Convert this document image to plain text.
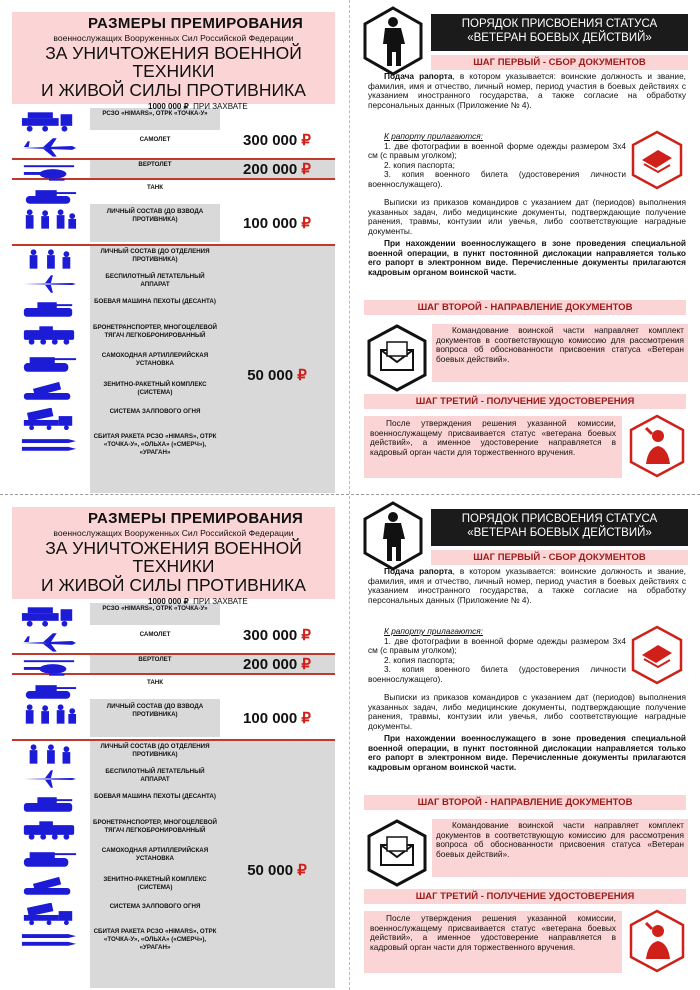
РАЗМЕРЫ ПРЕМИРОВАНИЯ
военнослужащих Вооруженных Сил Российской Федерации
ЗА УНИЧТОЖЕНИЯ ВОЕННОЙ ТЕХНИКИ
И ЖИВОЙ СИЛЫ ПРОТИВНИКА
1000 000 ₽ ПРИ ЗАХВАТЕ
300 000 ₽
200 000 ₽
100 000 ₽
50 000 ₽
РСЗО «HIMARS», ОТРК «ТОЧКА-У»
САМОЛЕТ
ВЕРТОЛЕТ
ТАНК
ЛИЧНЫЙ СОСТАВ (ДО ВЗВОДА ПРОТИВНИКА)
ЛИЧНЫЙ СОСТАВ (ДО ОТДЕЛЕНИЯ ПРОТИВНИКА)
БЕСПИЛОТНЫЙ ЛЕТАТЕЛЬНЫЙ АППАРАТ
БОЕВАЯ МАШИНА ПЕХОТЫ (ДЕСАНТА)
БРОНЕТРАНСПОРТЕР, МНОГОЦЕЛЕВОЙ ТЯГАЧ ЛЕГКОБРОНИРОВАННЫЙ
САМОХОДНАЯ АРТИЛЛЕРИЙСКАЯ УСТАНОВКА
ЗЕНИТНО-РАКЕТНЫЙ КОМПЛЕКС (СИСТЕМА)
СИСТЕМА ЗАЛПОВОГО ОГНЯ
СБИТАЯ РАКЕТА РСЗО «HIMARS», ОТРК «ТОЧКА-У», «ОЛЬХА» («СМЕРЧ»), «УРАГАН»
ПОРЯДОК ПРИСВОЕНИЯ СТАТУСА
«ВЕТЕРАН БОЕВЫХ ДЕЙСТВИЙ»
ШАГ ПЕРВЫЙ - СБОР ДОКУМЕНТОВ

Подача рапорта, в котором указывается: воинские должность и звание, фамилия, имя и отчество, личный номер, период участия в боевых действиях с указанием иностранного государства, а также согласие на обработку персональных данных (Приложение № 4).

К рапорту прилагаются:

1. две фотографии в военной форме одежды размером 3х4 см (с правым уголком);

2. копия паспорта;

3. копия военного билета (удостоверения личности военнослужащего).

Выписки из приказов командиров с указанием дат (периодов) выполнения указанных задач, либо медицинские документы, подтверждающие получение ранения, травмы, контузии или увечья, либо соответствующие наградные документы.

При нахождении военнослужащего в зоне проведения специальной военной операции, в пункт постоянной дислокации направляется только его рапорт в электронном виде. Перечисленные документы прилагаются кадровым органом воинской части.

ШАГ ВТОРОЙ - НАПРАВЛЕНИЕ ДОКУМЕНТОВ

Командование воинской части направляет комплект документов в соответствующую комиссию для рассмотрения вопроса об обоснованности присвоения статуса «Ветеран боевых действий».

ШАГ ТРЕТИЙ - ПОЛУЧЕНИЕ УДОСТОВЕРЕНИЯ

После утверждения решения указанной комиссии, военнослужащему присваивается статус «ветерана боевых действий», а именное удостоверение направляется в кадровый орган части для торжественного вручения.

РАЗМЕРЫ ПРЕМИРОВАНИЯ
военнослужащих Вооруженных Сил Российской Федерации
ЗА УНИЧТОЖЕНИЯ ВОЕННОЙ ТЕХНИКИ
И ЖИВОЙ СИЛЫ ПРОТИВНИКА
1000 000 ₽ ПРИ ЗАХВАТЕ
300 000 ₽
200 000 ₽
100 000 ₽
50 000 ₽
РСЗО «HIMARS», ОТРК «ТОЧКА-У»
САМОЛЕТ
ВЕРТОЛЕТ
ТАНК
ЛИЧНЫЙ СОСТАВ (ДО ВЗВОДА ПРОТИВНИКА)
ЛИЧНЫЙ СОСТАВ (ДО ОТДЕЛЕНИЯ ПРОТИВНИКА)
БЕСПИЛОТНЫЙ ЛЕТАТЕЛЬНЫЙ АППАРАТ
БОЕВАЯ МАШИНА ПЕХОТЫ (ДЕСАНТА)
БРОНЕТРАНСПОРТЕР, МНОГОЦЕЛЕВОЙ ТЯГАЧ ЛЕГКОБРОНИРОВАННЫЙ
САМОХОДНАЯ АРТИЛЛЕРИЙСКАЯ УСТАНОВКА
ЗЕНИТНО-РАКЕТНЫЙ КОМПЛЕКС (СИСТЕМА)
СИСТЕМА ЗАЛПОВОГО ОГНЯ
СБИТАЯ РАКЕТА РСЗО «HIMARS», ОТРК «ТОЧКА-У», «ОЛЬХА» («СМЕРЧ»), «УРАГАН»
ПОРЯДОК ПРИСВОЕНИЯ СТАТУСА
«ВЕТЕРАН БОЕВЫХ ДЕЙСТВИЙ»
ШАГ ПЕРВЫЙ - СБОР ДОКУМЕНТОВ

Подача рапорта, в котором указывается: воинские должность и звание, фамилия, имя и отчество, личный номер, период участия в боевых действиях с указанием иностранного государства, а также согласие на обработку персональных данных (Приложение № 4).

К рапорту прилагаются:

1. две фотографии в военной форме одежды размером 3х4 см (с правым уголком);

2. копия паспорта;

3. копия военного билета (удостоверения личности военнослужащего).

Выписки из приказов командиров с указанием дат (периодов) выполнения указанных задач, либо медицинские документы, подтверждающие получение ранения, травмы, контузии или увечья, либо соответствующие наградные документы.

При нахождении военнослужащего в зоне проведения специальной военной операции, в пункт постоянной дислокации направляется только его рапорт в электронном виде. Перечисленные документы прилагаются кадровым органом воинской части.

ШАГ ВТОРОЙ - НАПРАВЛЕНИЕ ДОКУМЕНТОВ

Командование воинской части направляет комплект документов в соответствующую комиссию для рассмотрения вопроса об обоснованности присвоения статуса «Ветеран боевых действий».

ШАГ ТРЕТИЙ - ПОЛУЧЕНИЕ УДОСТОВЕРЕНИЯ

После утверждения решения указанной комиссии, военнослужащему присваивается статус «ветерана боевых действий», а именное удостоверение направляется в кадровый орган части для торжественного вручения.
